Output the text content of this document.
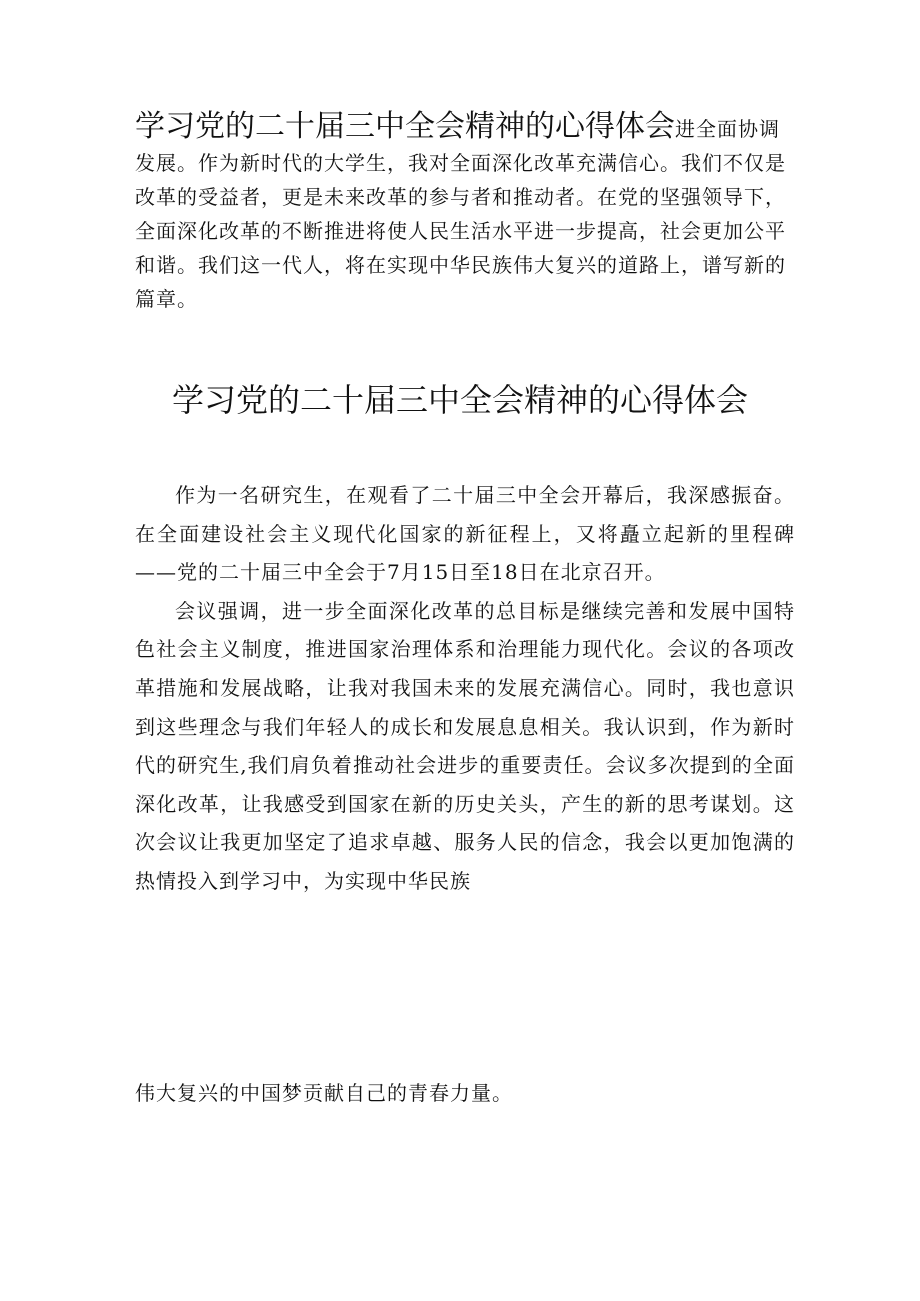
学习党的二十届三中全会精神的心得体会进全面协调发展。作为新时代的大学生，我对全面深化改革充满信心。我们不仅是改革的受益者，更是未来改革的参与者和推动者。在党的坚强领导下，全面深化改革的不断推进将使人民生活水平进一步提高，社会更加公平和谐。我们这一代人，将在实现中华民族伟大复兴的道路上，谱写新的篇章。
学习党的二十届三中全会精神的心得体会

作为一名研究生，在观看了二十届三中全会开幕后，我深感振奋。在全面建设社会主义现代化国家的新征程上，又将矗立起新的里程碑——党的二十届三中全会于7月15日至18日在北京召开。

会议强调，进一步全面深化改革的总目标是继续完善和发展中国特色社会主义制度，推进国家治理体系和治理能力现代化。会议的各项改革措施和发展战略，让我对我国未来的发展充满信心。同时，我也意识到这些理念与我们年轻人的成长和发展息息相关。我认识到，作为新时代的研究生,我们肩负着推动社会进步的重要责任。会议多次提到的全面深化改革，让我感受到国家在新的历史关头，产生的新的思考谋划。这次会议让我更加坚定了追求卓越、服务人民的信念，我会以更加饱满的热情投入到学习中，为实现中华民族

伟大复兴的中国梦贡献自己的青春力量。
